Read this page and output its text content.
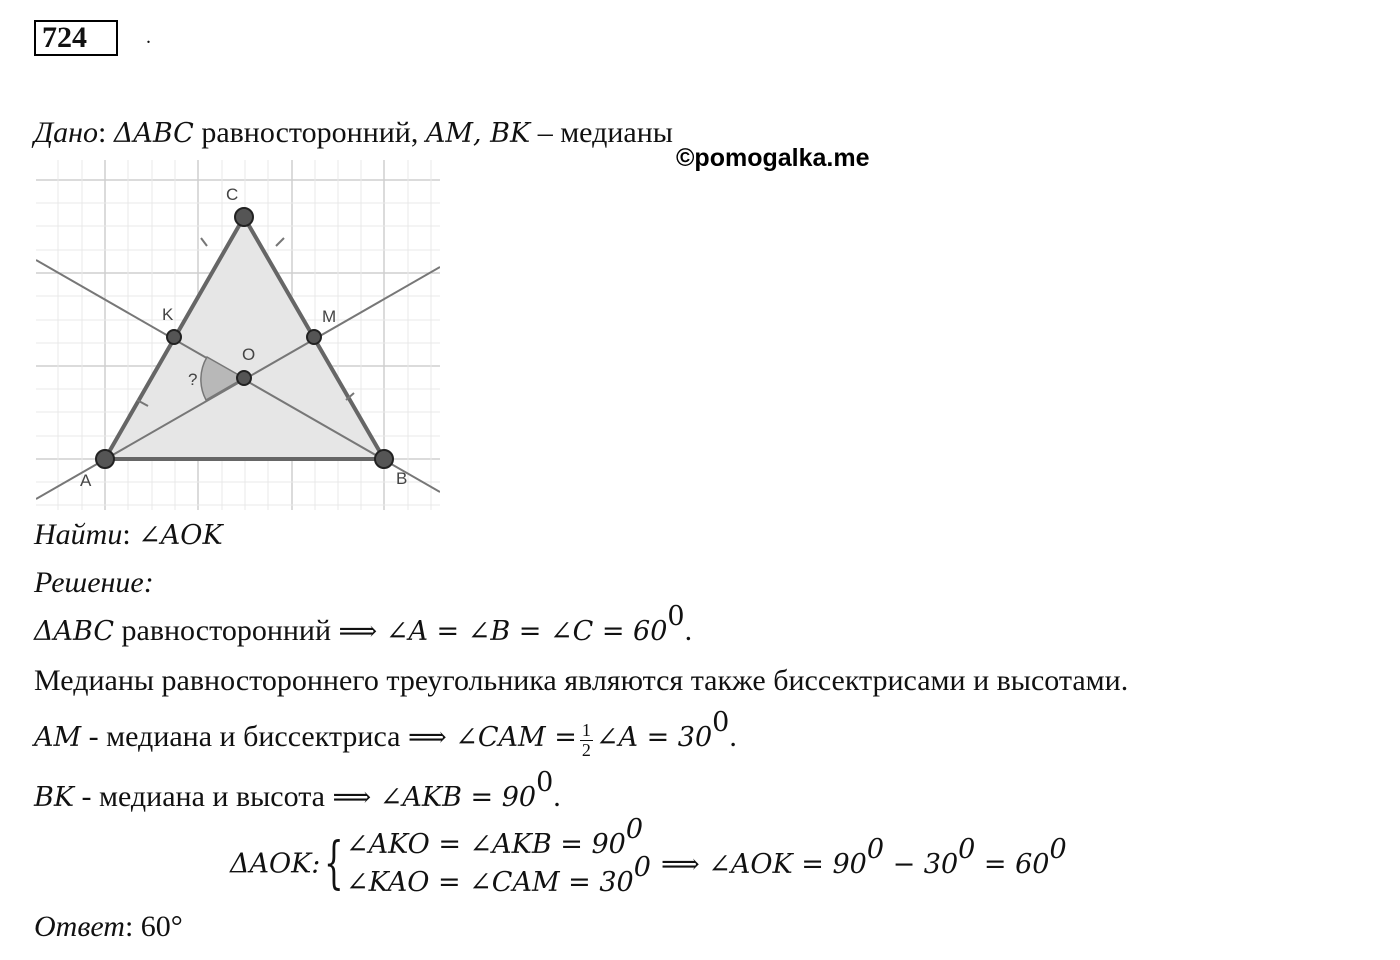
724	.
Дано: ΔABC равносторонний, AM, BK – медианы
©pomogalka.me
C
K	M
O
A	B
?
Найти: ∠AOK
Решение:
ΔABC равносторонний ⟹ ∠A = ∠B = ∠C = $60^0$.
Медианы равностороннего треугольника являются также биссектрисами и высотами.
AM - медиана и биссектриса ⟹ ∠CAM = $\frac{1}{2}$ ∠A = $30^0$.
BK - медиана и высота ⟹ ∠AKB = $90^0$.
ΔAOK:{ ∠AKO = ∠AKB = $90^0$
∠KAO = ∠CAM = $30^0$ ⟹ ∠AOK = $90^0 - 30^0 = 60^0$
Ответ: 60°
